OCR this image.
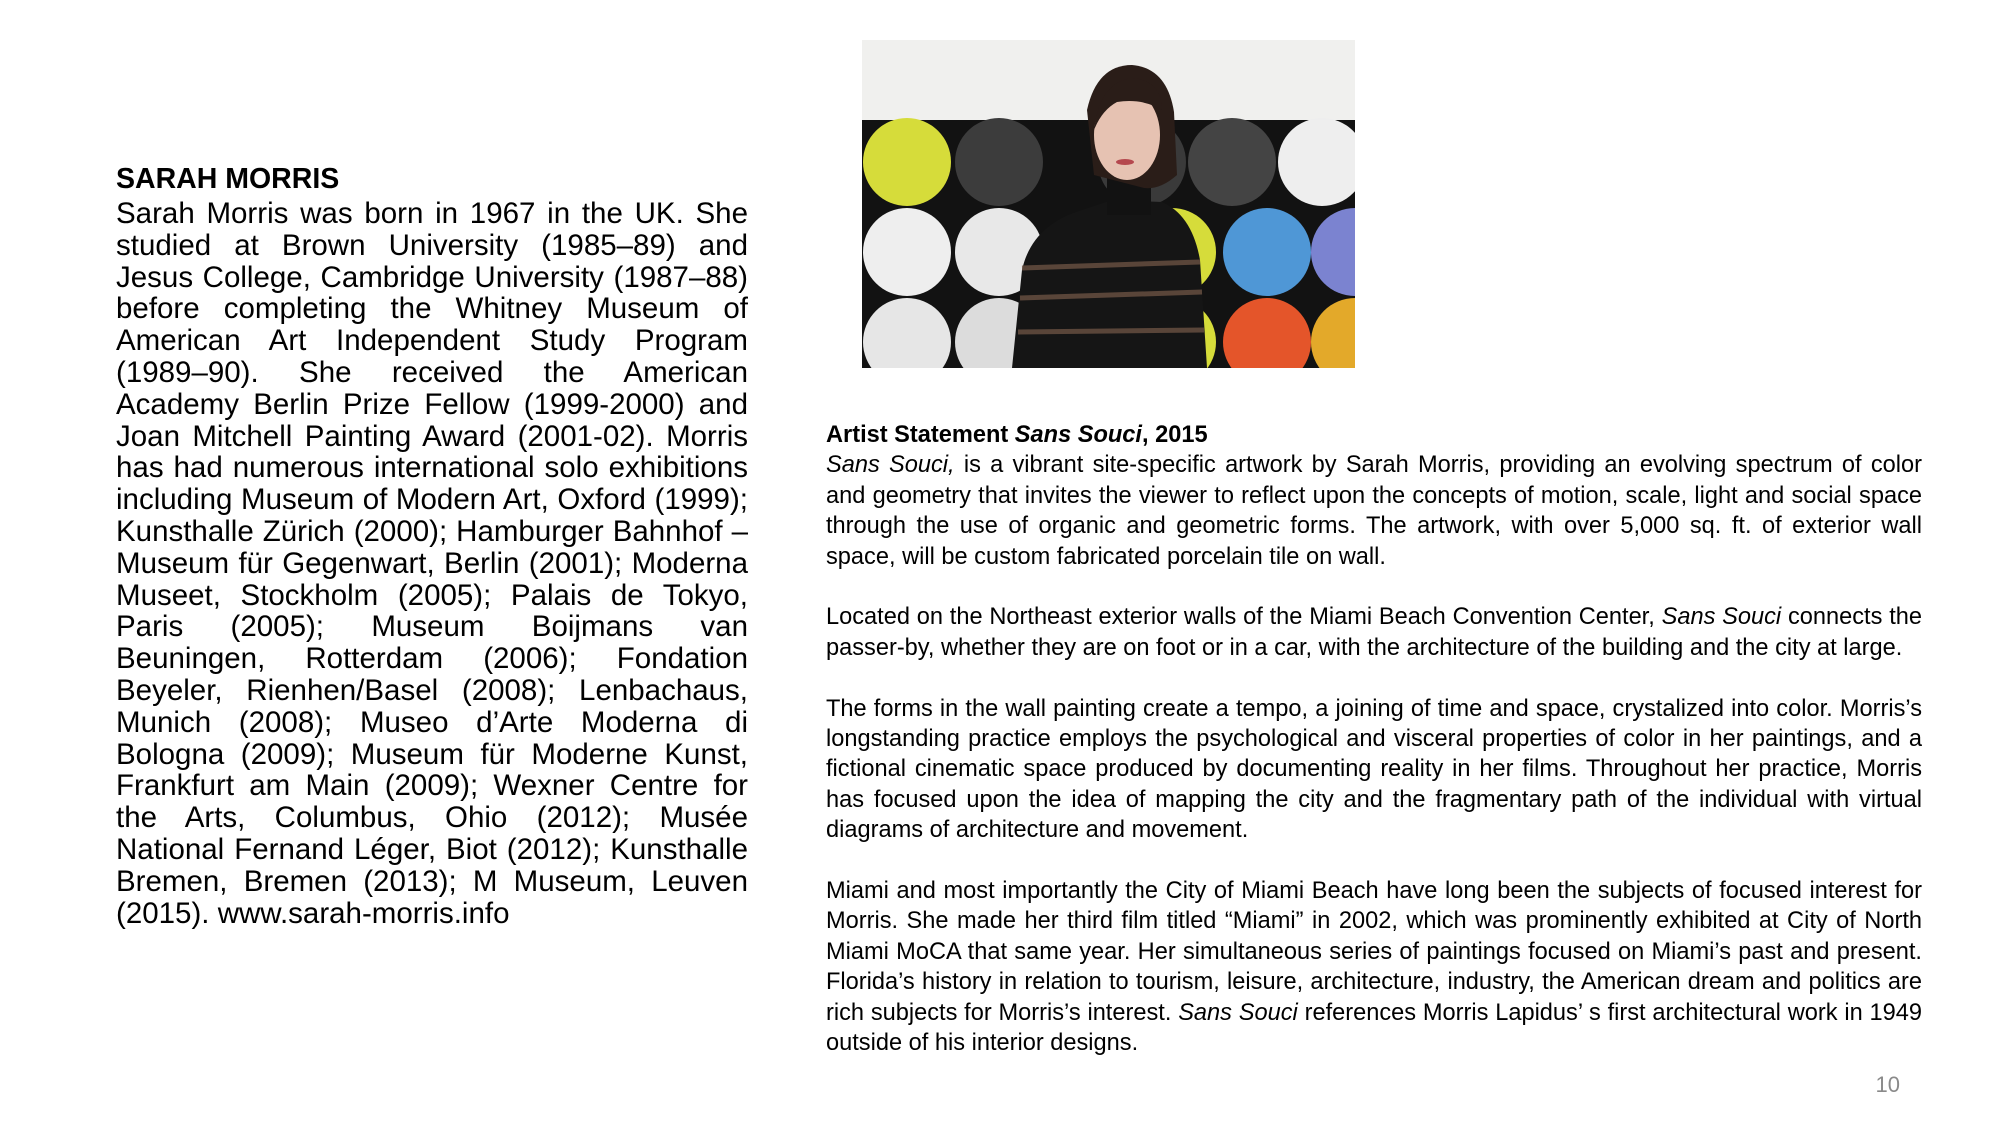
SARAH MORRIS

Sarah Morris was born in 1967 in the UK. She studied at Brown University (1985–89) and Jesus College, Cambridge University (1987–88) before completing the Whitney Museum of American Art Independent Study Program (1989–90). She received the American Academy Berlin Prize Fellow (1999-2000) and Joan Mitchell Painting Award (2001-02). Morris has had numerous international solo exhibitions including Museum of Modern Art, Oxford (1999); Kunsthalle Zürich (2000); Hamburger Bahnhof – Museum für Gegenwart, Berlin (2001); Moderna Museet, Stockholm (2005); Palais de Tokyo, Paris (2005); Museum Boijmans van Beuningen, Rotterdam (2006); Fondation Beyeler, Rienhen/Basel (2008); Lenbachaus, Munich (2008); Museo d’Arte Moderna di Bologna (2009); Museum für Moderne Kunst, Frankfurt am Main (2009); Wexner Centre for the Arts, Columbus, Ohio (2012); Musée National Fernand Léger, Biot (2012); Kunsthalle Bremen, Bremen (2013); M Museum, Leuven (2015). www.sarah-morris.info

Artist Statement Sans Souci, 2015

Sans Souci, is a vibrant site-specific artwork by Sarah Morris, providing an evolving spectrum of color and geometry that invites the viewer to reflect upon the concepts of motion, scale, light and social space through the use of organic and geometric forms. The artwork, with over 5,000 sq. ft. of exterior wall space, will be custom fabricated porcelain tile on wall.

Located on the Northeast exterior walls of the Miami Beach Convention Center, Sans Souci connects the passer-by, whether they are on foot or in a car, with the architecture of the building and the city at large.

The forms in the wall painting create a tempo, a joining of time and space, crystalized into color. Morris’s longstanding practice employs the psychological and visceral properties of color in her paintings, and a fictional cinematic space produced by documenting reality in her films. Throughout her practice, Morris has focused upon the idea of mapping the city and the fragmentary path of the individual with virtual diagrams of architecture and movement.

Miami and most importantly the City of Miami Beach have long been the subjects of focused interest for Morris. She made her third film titled “Miami” in 2002, which was prominently exhibited at City of North Miami MoCA that same year. Her simultaneous series of paintings focused on Miami’s past and present. Florida’s history in relation to tourism, leisure, architecture, industry, the American dream and politics are rich subjects for Morris’s interest. Sans Souci references Morris Lapidus’ s first architectural work in 1949 outside of his interior designs.

10
